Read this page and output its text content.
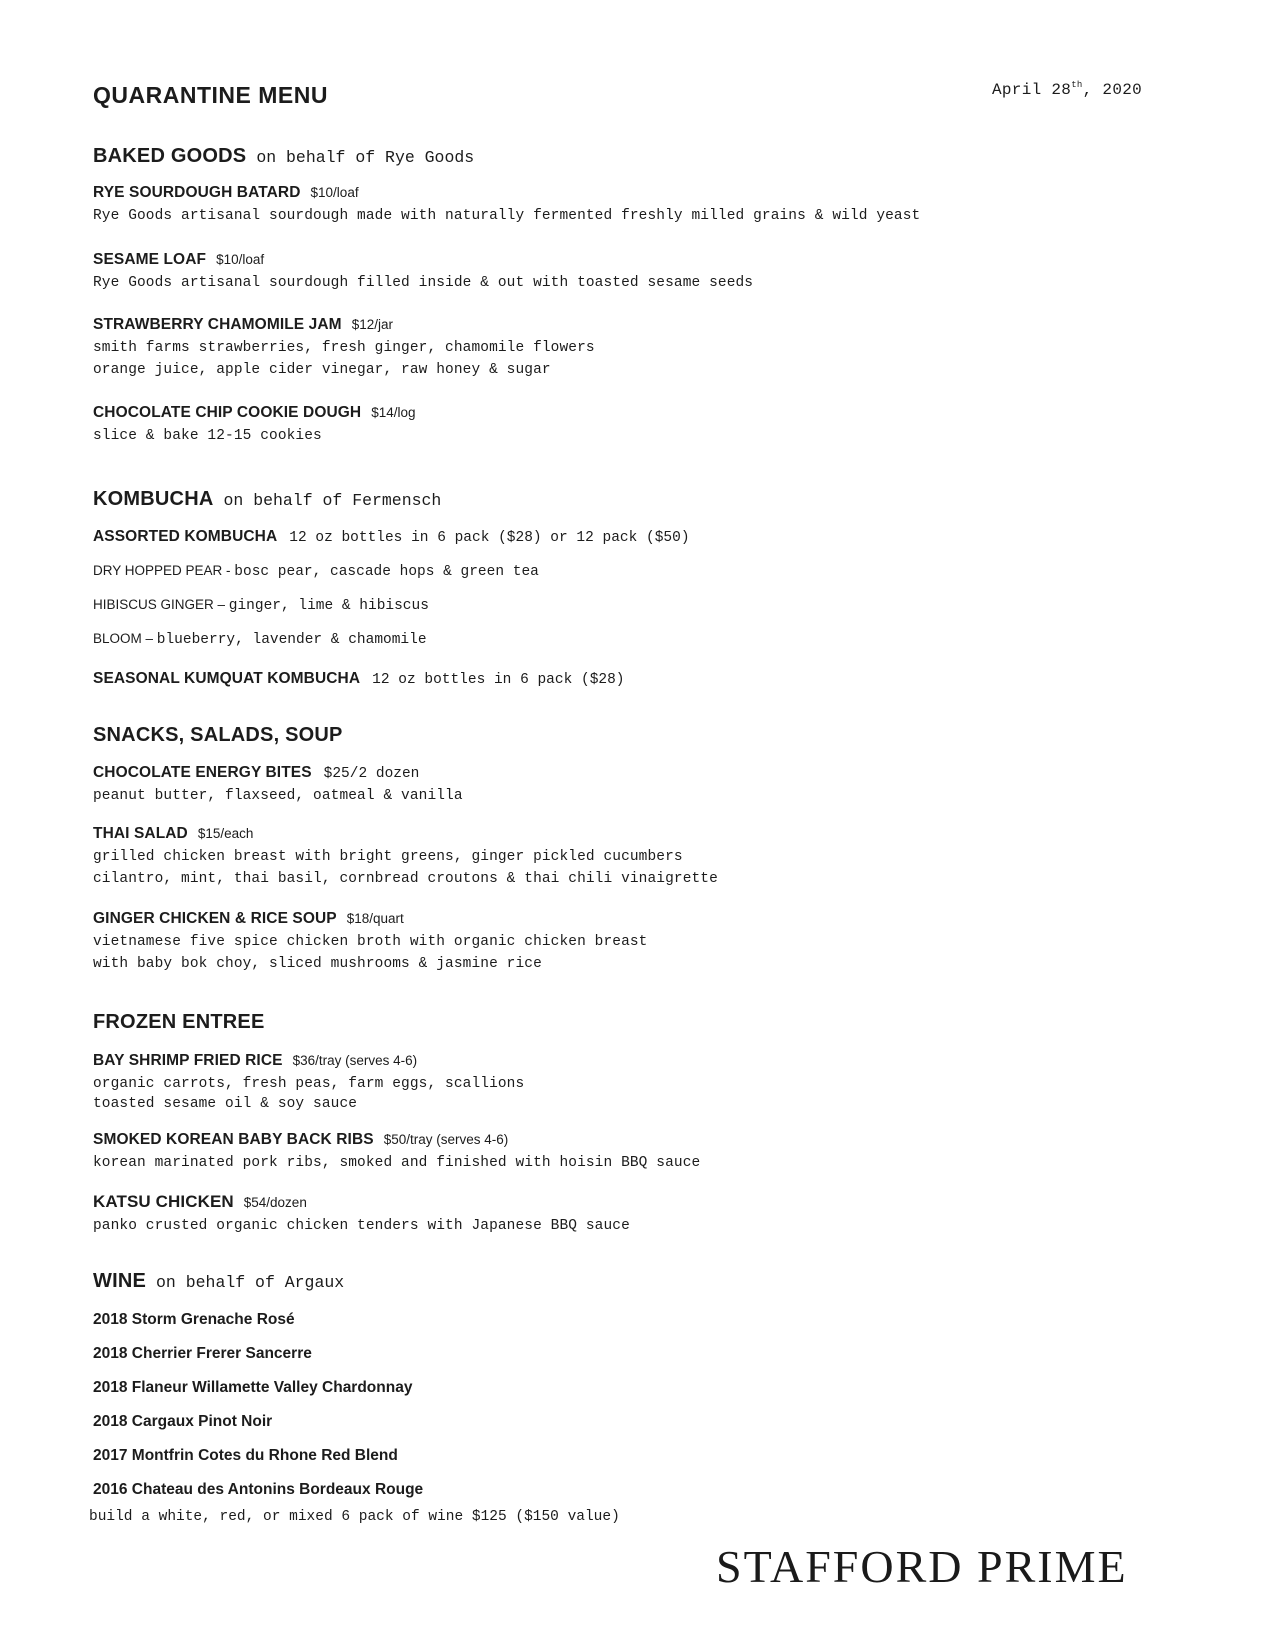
QUARANTINE MENU	April 28th, 2020
BAKED GOODS on behalf of Rye Goods
RYE SOURDOUGH BATARD $10/loaf
Rye Goods artisanal sourdough made with naturally fermented freshly milled grains & wild yeast
SESAME LOAF $10/loaf
Rye Goods artisanal sourdough filled inside & out with toasted sesame seeds
STRAWBERRY CHAMOMILE JAM $12/jar
smith farms strawberries, fresh ginger, chamomile flowers
orange juice, apple cider vinegar, raw honey & sugar
CHOCOLATE CHIP COOKIE DOUGH $14/log
slice & bake 12-15 cookies
KOMBUCHA on behalf of Fermensch
ASSORTED KOMBUCHA 12 oz bottles in 6 pack ($28) or 12 pack ($50)
DRY HOPPED PEAR - bosc pear, cascade hops & green tea
HIBISCUS GINGER – ginger, lime & hibiscus
BLOOM – blueberry, lavender & chamomile
SEASONAL KUMQUAT KOMBUCHA 12 oz bottles in 6 pack ($28)
SNACKS, SALADS, SOUP
CHOCOLATE ENERGY BITES $25/2 dozen
peanut butter, flaxseed, oatmeal & vanilla
THAI SALAD $15/each
grilled chicken breast with bright greens, ginger pickled cucumbers
cilantro, mint, thai basil, cornbread croutons & thai chili vinaigrette
GINGER CHICKEN & RICE SOUP $18/quart
vietnamese five spice chicken broth with organic chicken breast
with baby bok choy, sliced mushrooms & jasmine rice
FROZEN ENTREE
BAY SHRIMP FRIED RICE $36/tray (serves 4-6)
organic carrots, fresh peas, farm eggs, scallions
toasted sesame oil & soy sauce
SMOKED KOREAN BABY BACK RIBS $50/tray (serves 4-6)
korean marinated pork ribs, smoked and finished with hoisin BBQ sauce
KATSU CHICKEN $54/dozen
panko crusted organic chicken tenders with Japanese BBQ sauce
WINE on behalf of Argaux
2018 Storm Grenache Rosé
2018 Cherrier Frerer Sancerre
2018 Flaneur Willamette Valley Chardonnay
2018 Cargaux Pinot Noir
2017 Montfrin Cotes du Rhone Red Blend
2016 Chateau des Antonins Bordeaux Rouge
build a white, red, or mixed 6 pack of wine $125 ($150 value)
STAFFORD PRIME
